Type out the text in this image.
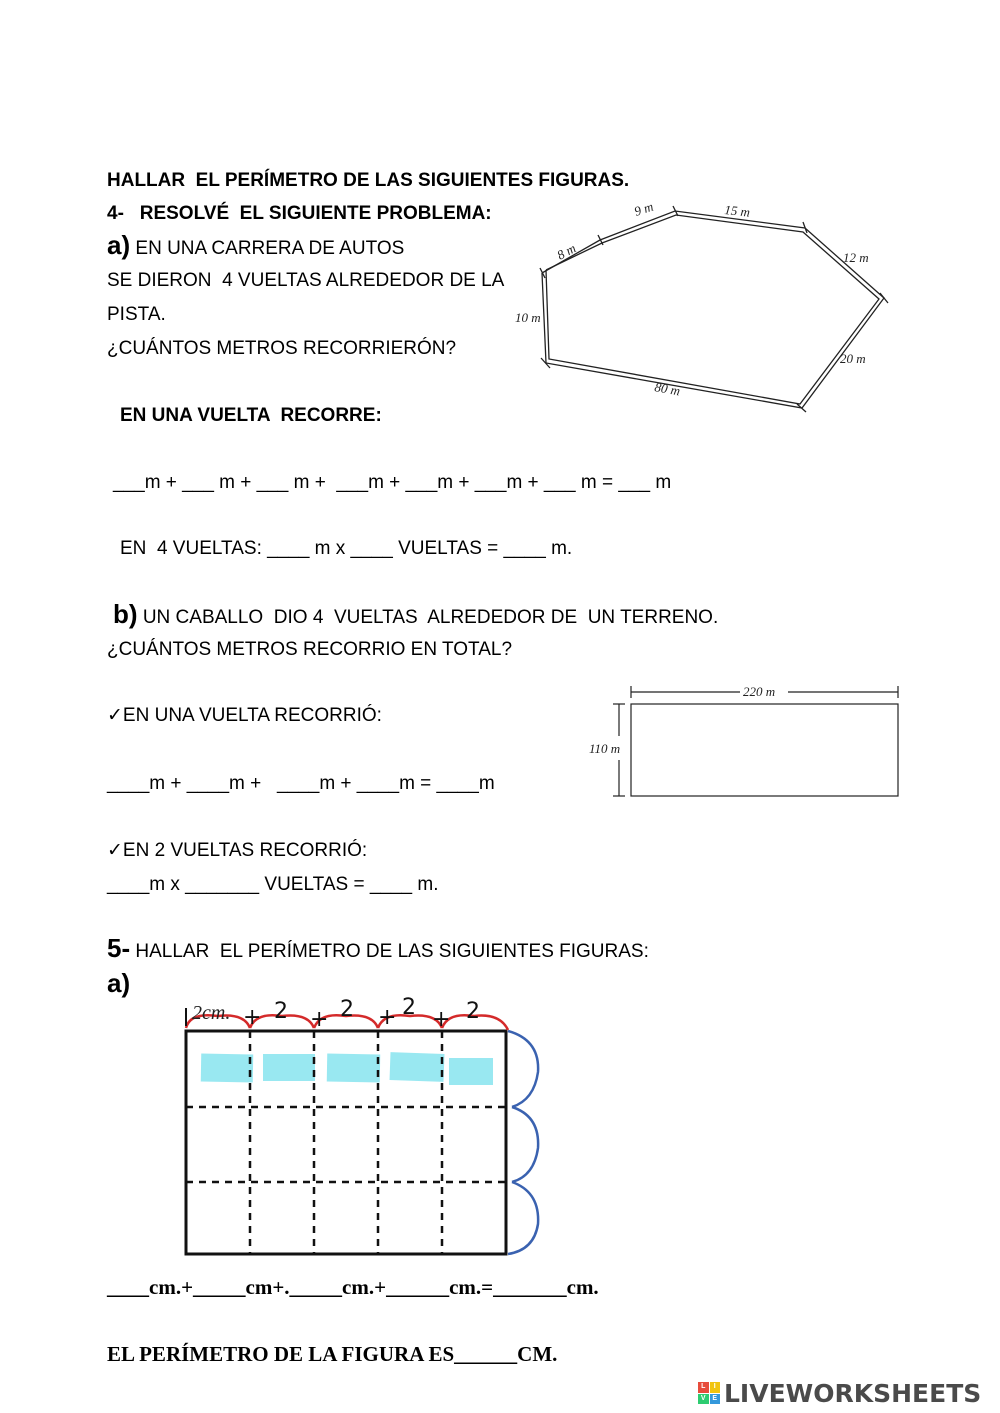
HALLAR  EL PERÍMETRO DE LAS SIGUIENTES FIGURAS.
4-   RESOLVÉ  EL SIGUIENTE PROBLEMA:
a) EN UNA CARRERA DE AUTOS
SE DIERON  4 VUELTAS ALREDEDOR DE LA
PISTA.
¿CUÁNTOS METROS RECORRIERÓN?
EN UNA VUELTA  RECORRE:
___m + ___ m + ___ m +  ___m + ___m + ___m + ___ m = ___ m
EN  4 VUELTAS: ____ m x ____ VUELTAS = ____ m.
9 m	15 m
8 m	12 m
10 m
20 m
80 m
b) UN CABALLO  DIO 4  VUELTAS  ALREDEDOR DE  UN TERRENO.
¿CUÁNTOS METROS RECORRIO EN TOTAL?
✓EN UNA VUELTA RECORRIÓ:
____m + ____m +   ____m + ____m = ____m
✓EN 2 VUELTAS RECORRIÓ:
____m x _______ VUELTAS = ____ m.
220 m
110 m
5- HALLAR  EL PERÍMETRO DE LAS SIGUIENTES FIGURAS:
a)
2cm. + 2 + 2 + 2 + 2
____cm.+_____cm+._____cm.+______cm.=_______cm.
EL PERÍMETRO DE LA FIGURA ES______CM.
L	I
V E LIVEWORKSHEETS
